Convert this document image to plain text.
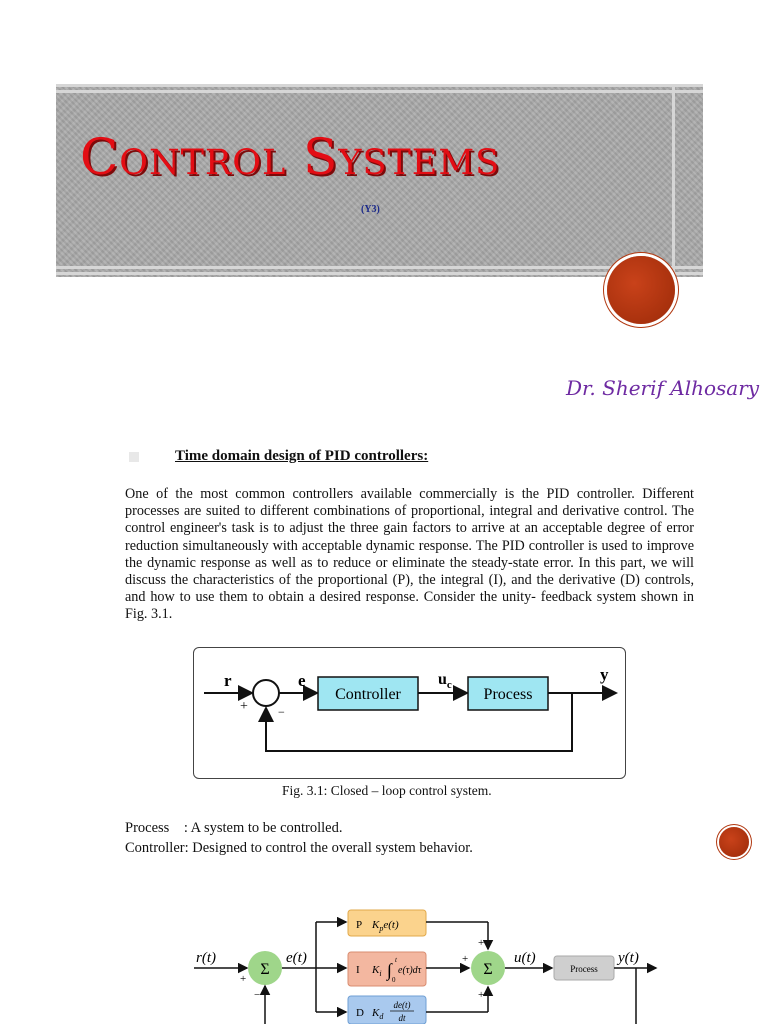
Control Systems
(Y3)
Dr. Sherif Alhosary
Time domain design of PID controllers:
One of the most common controllers available commercially is the PID controller. Different processes are suited to different combinations of proportional, integral and derivative control. The control engineer's task is to adjust the three gain factors to arrive at an acceptable degree of error reduction simultaneously with acceptable dynamic response. The PID controller is used to improve the dynamic response as well as to reduce or eliminate the steady-state error. In this part, we will discuss the characteristics of the proportional (P), the integral (I), and the derivative (D) controls, and how to use them to obtain a desired response. Consider the unity- feedback system shown in Fig. 3.1.
r
+	−
e
Controller
$u_c$
Process
y
Fig. 3.1: Closed – loop control system.
Process    : A system to be controlled.
Controller: Designed to control the overall system behavior.
r(t)
Σ
+
−
e(t)
P $K_pe(t)$
I $K_i$ ∫ t
0
e(τ)dτ
D $K_d$
de(t)
dt
Σ
+
+
+
u(t)
Process
y(t)
